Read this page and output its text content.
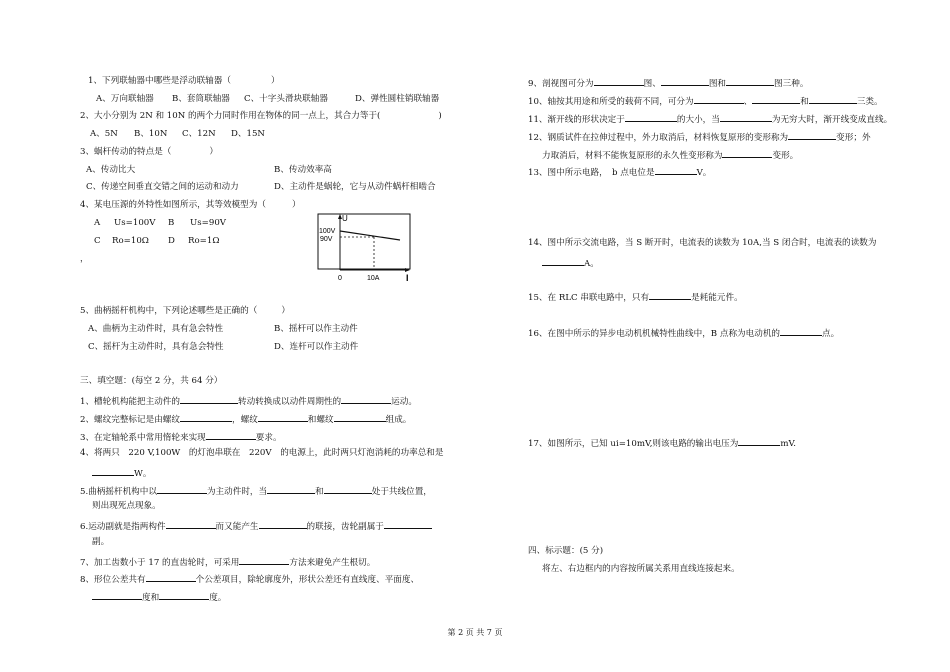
1、下列联轴器中哪些是浮动联轴器（	）
A、万向联轴器 B、套筒联轴器 C、十字头滑块联轴器	D、弹性圆柱销联轴器
2、大小分别为 2N 和 10N 的两个力同时作用在物体的同一点上，其合力等于(	)
A、5N B、10N C、12N D、15N
3、蜗杆传动的特点是（	）
A、传动比大	B、传动效率高
C、传递空间垂直交错之间的运动和动力	D、主动件是蜗轮，它与从动件蜗杆相啮合
4、某电压源的外特性如图所示，其等效模型为（	）
A Us=100V B Us=90V
C Ro=10Ω D Ro=1Ω
，
U
100V
90V
0	10A	I
5、曲柄摇杆机构中，下列论述哪些是正确的（	）
A、曲柄为主动件时，具有急会特性	B、摇杆可以作主动件
C、摇杆为主动件时，具有急会特性	D、连杆可以作主动件
三、填空题：(每空 2 分，共 64 分）
1、槽轮机构能把主动件的	转动转换成以动件周期性的	运动。
2、螺纹完整标记是由螺纹	，螺纹	和螺纹	组成。
3、在定轴轮系中常用惰轮来实现	要求。
4、将两只　220 V,100W　的灯泡串联在　220V　的电源上，此时两只灯泡消耗的功率总和是
W。
5.曲柄摇杆机构中以	为主动件时，当	和	处于共线位置，
则出现死点现象。
6.运动副就是指两构件	而又能产生	的联接，齿轮副属于
副。
7、加工齿数小于 17 的直齿轮时，可采用	方法来避免产生根切。
8、形位公差共有	个公差项目，除轮廓度外，形状公差还有直线度、平面度、
度和	度。
9、剖视图可分为	图、	图和	图三种。
10、轴按其用途和所受的载荷不同，可分为	、	和	三类。
11、渐开线的形状决定于	的大小，当	为无穷大时，渐开线变成直线。
12、钢质试件在拉伸过程中，外力取消后，材料恢复原形的变形称为	变形；外
力取消后，材料不能恢复原形的永久性变形称为	变形。
13、图中所示电路，　b 点电位是	V。
14、图中所示交流电路，当 S 断开时，电流表的读数为 10A,当 S 闭合时，电流表的读数为
A。
15、在 RLC 串联电路中，只有	是耗能元件。
16、在图中所示的异步电动机机械特性曲线中，B 点称为电动机的	点。
17、如图所示，已知 ui=10mV,则该电路的输出电压为	mV.
四、标示题：(5 分)
将左、右边框内的内容按所属关系用直线连接起来。
第 2 页 共 7 页
